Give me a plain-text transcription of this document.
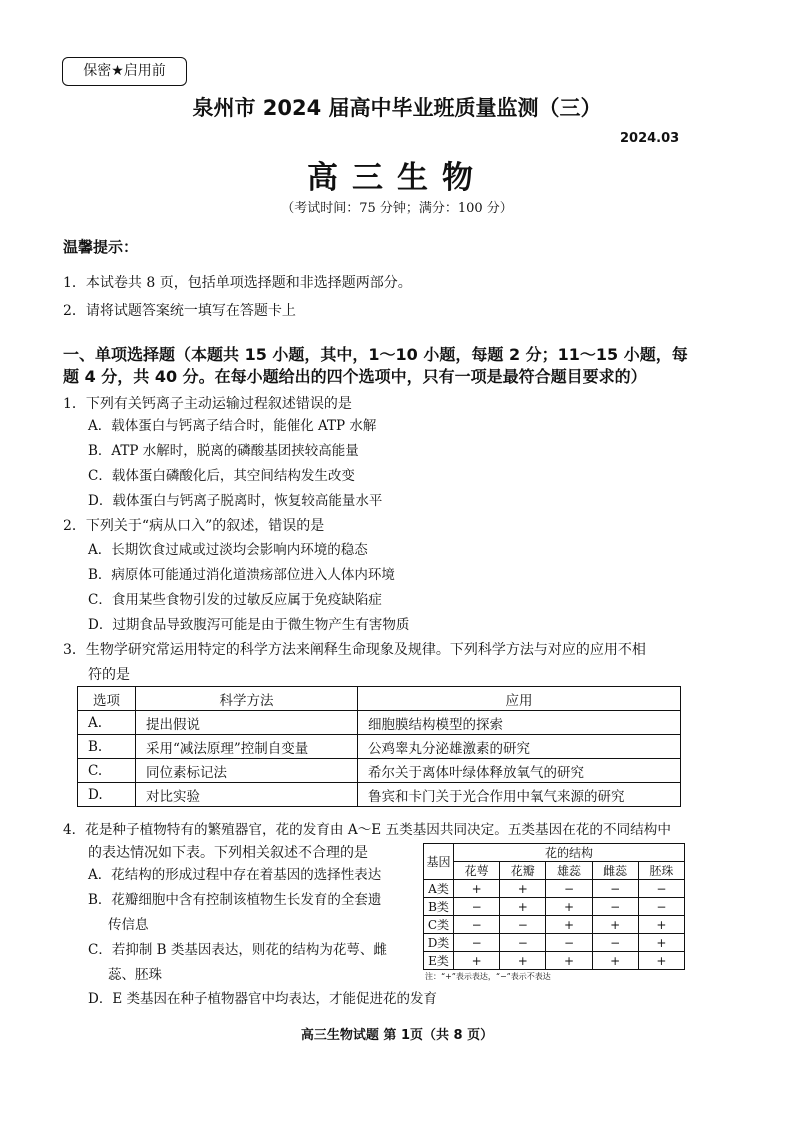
保密★启用前
泉州市 2024 届高中毕业班质量监测（三）
2024.03
高三生物
（考试时间：75 分钟；满分：100 分）
温馨提示：
1．本试卷共 8 页，包括单项选择题和非选择题两部分。
2．请将试题答案统一填写在答题卡上
一、单项选择题（本题共 15 小题，其中，1～10 小题，每题 2 分；11～15 小题，每
题 4 分，共 40 分。在每小题给出的四个选项中，只有一项是最符合题目要求的）
1．下列有关钙离子主动运输过程叙述错误的是
A．载体蛋白与钙离子结合时，能催化 ATP 水解
B．ATP 水解时，脱离的磷酸基团挟较高能量
C．载体蛋白磷酸化后，其空间结构发生改变
D．载体蛋白与钙离子脱离时，恢复较高能量水平
2．下列关于“病从口入”的叙述，错误的是
A．长期饮食过咸或过淡均会影响内环境的稳态
B．病原体可能通过消化道溃疡部位进入人体内环境
C．食用某些食物引发的过敏反应属于免疫缺陷症
D．过期食品导致腹泻可能是由于微生物产生有害物质
3．生物学研究常运用特定的科学方法来阐释生命现象及规律。下列科学方法与对应的应用不相
符的是
选项	科学方法	应用
A.	提出假说	细胞膜结构模型的探索
B.	采用“减法原理”控制自变量	公鸡睾丸分泌雄激素的研究
C.	同位素标记法	希尔关于离体叶绿体释放氧气的研究
D.	对比实验	鲁宾和卡门关于光合作用中氧气来源的研究
4．花是种子植物特有的繁殖器官，花的发育由 A～E 五类基因共同决定。五类基因在花的不同结构中
的表达情况如下表。下列相关叙述不合理的是
A．花结构的形成过程中存在着基因的选择性表达
B．花瓣细胞中含有控制该植物生长发育的全套遗
传信息
C．若抑制 B 类基因表达，则花的结构为花萼、雌
蕊、胚珠
D．E 类基因在种子植物器官中均表达，才能促进花的发育
基因	花的结构				
	花萼	花瓣	雄蕊	雌蕊	胚珠
A类	+	+	−	−	−
B类	−	+	+	−	−
C类	−	−	+	+	+
D类	−	−	−	−	+
E类	+	+	+	+	+
注：“+”表示表达，“−”表示不表达
高三生物试题 第 1页（共 8 页）
